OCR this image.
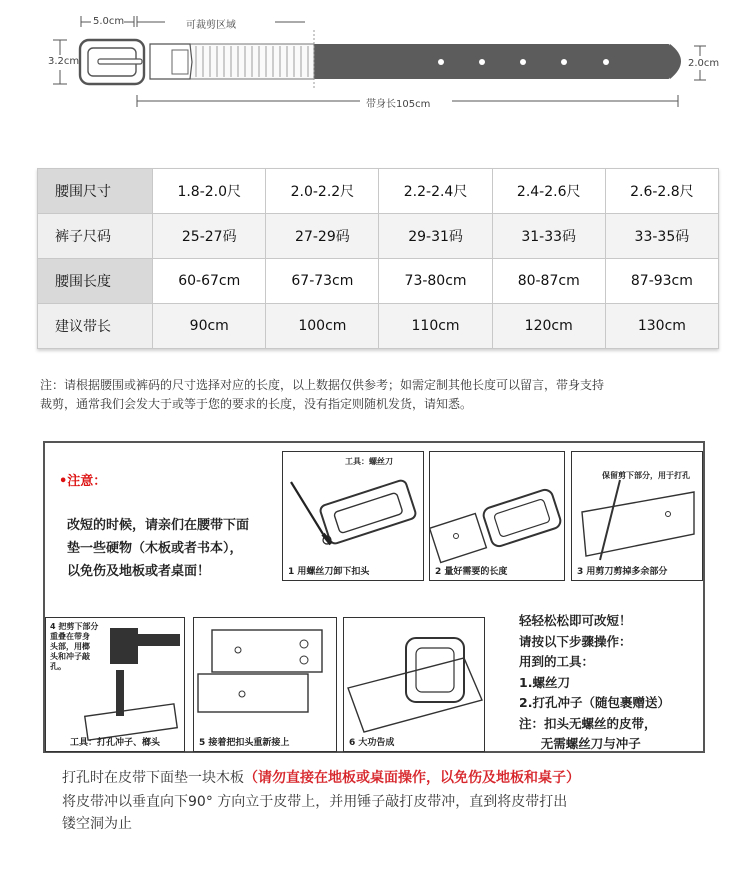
5.0cm	可裁剪区域
3.2cm	2.0cm
带身长105cm
腰围尺寸	1.8-2.0尺	2.0-2.2尺	2.2-2.4尺	2.4-2.6尺	2.6-2.8尺
裤子尺码	25-27码	27-29码	29-31码	31-33码	33-35码
腰围长度	60-67cm	67-73cm	73-80cm	80-87cm	87-93cm
建议带长	90cm	100cm	110cm	120cm	130cm
注：请根据腰围或裤码的尺寸选择对应的长度，以上数据仅供参考；如需定制其他长度可以留言，带身支持
裁剪，通常我们会发大于或等于您的要求的长度，没有指定则随机发货，请知悉。
•注意：
改短的时候，请亲们在腰带下面
垫一些硬物（木板或者书本），
以免伤及地板或者桌面！
工具：螺丝刀
1 用螺丝刀卸下扣头	2 量好需要的长度
保留剪下部分，用于打孔
3 用剪刀剪掉多余部分
4 把剪下部分
重叠在带身
头部，用榔
头和冲子敲
孔。
工具：打孔冲子、榔头	5 接着把扣头重新接上	6 大功告成
轻轻松松即可改短！
请按以下步骤操作：
用到的工具：
1.螺丝刀
2.打孔冲子（随包裹赠送）
注：扣头无螺丝的皮带，
无需螺丝刀与冲子
打孔时在皮带下面垫一块木板（请勿直接在地板或桌面操作，以免伤及地板和桌子）
将皮带冲以垂直向下90° 方向立于皮带上，并用锤子敲打皮带冲，直到将皮带打出
镂空洞为止
